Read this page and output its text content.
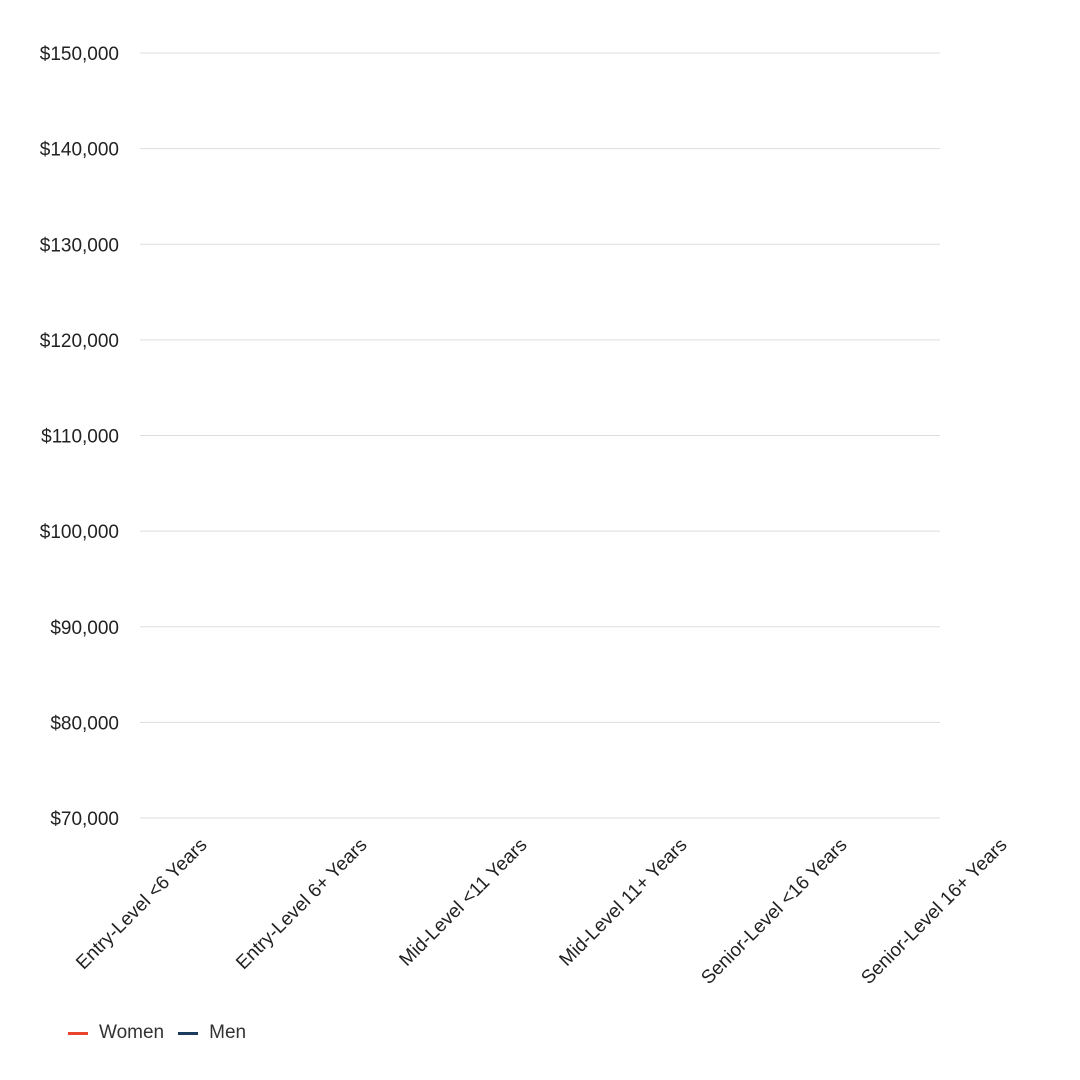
$70,000
$80,000
$90,000
$100,000
$110,000
$120,000
$130,000
$140,000
$150,000
Entry-Level <6 Years Entry-Level 6+ Years Mid-Level <11 Years Mid-Level 11+ Years Senior-Level <16 Years Senior-Level 16+ Years
Women Men
